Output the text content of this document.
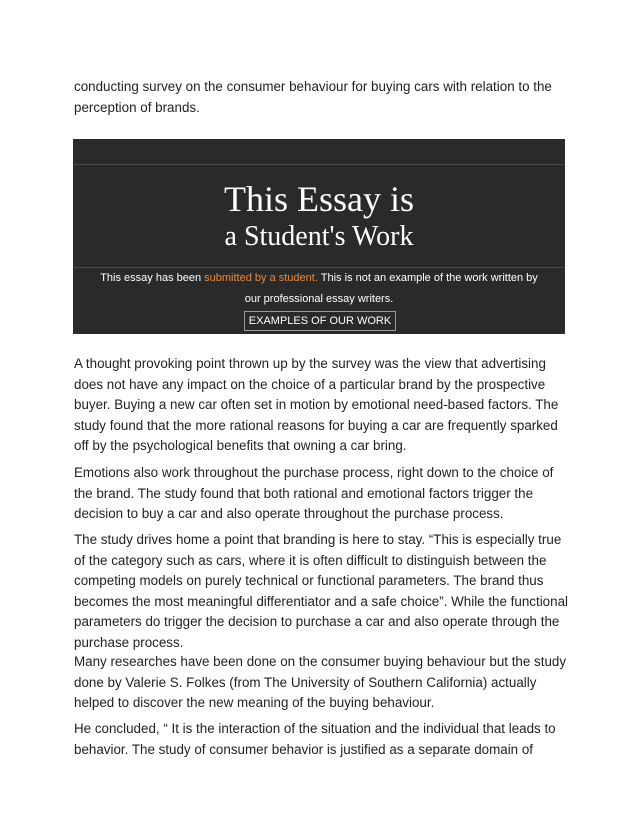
conducting survey on the consumer behaviour for buying cars with relation to the perception of brands.

This Essay is
a Student's Work
This essay has been submitted by a student. This is not an example of the work written by
our professional essay writers.
EXAMPLES OF OUR WORK

A thought provoking point thrown up by the survey was the view that advertising does not have any impact on the choice of a particular brand by the prospective buyer. Buying a new car often set in motion by emotional need-based factors. The study found that the more rational reasons for buying a car are frequently sparked off by the psychological benefits that owning a car bring.

Emotions also work throughout the purchase process, right down to the choice of the brand. The study found that both rational and emotional factors trigger the decision to buy a car and also operate throughout the purchase process.

The study drives home a point that branding is here to stay. “This is especially true of the category such as cars, where it is often difficult to distinguish between the competing models on purely technical or functional parameters. The brand thus becomes the most meaningful differentiator and a safe choice”. While the functional parameters do trigger the decision to purchase a car and also operate through the purchase process.

Many researches have been done on the consumer buying behaviour but the study done by Valerie S. Folkes (from The University of Southern California) actually helped to discover the new meaning of the buying behaviour.

He concluded, “ It is the interaction of the situation and the individual that leads to behavior. The study of consumer behavior is justified as a separate domain of
